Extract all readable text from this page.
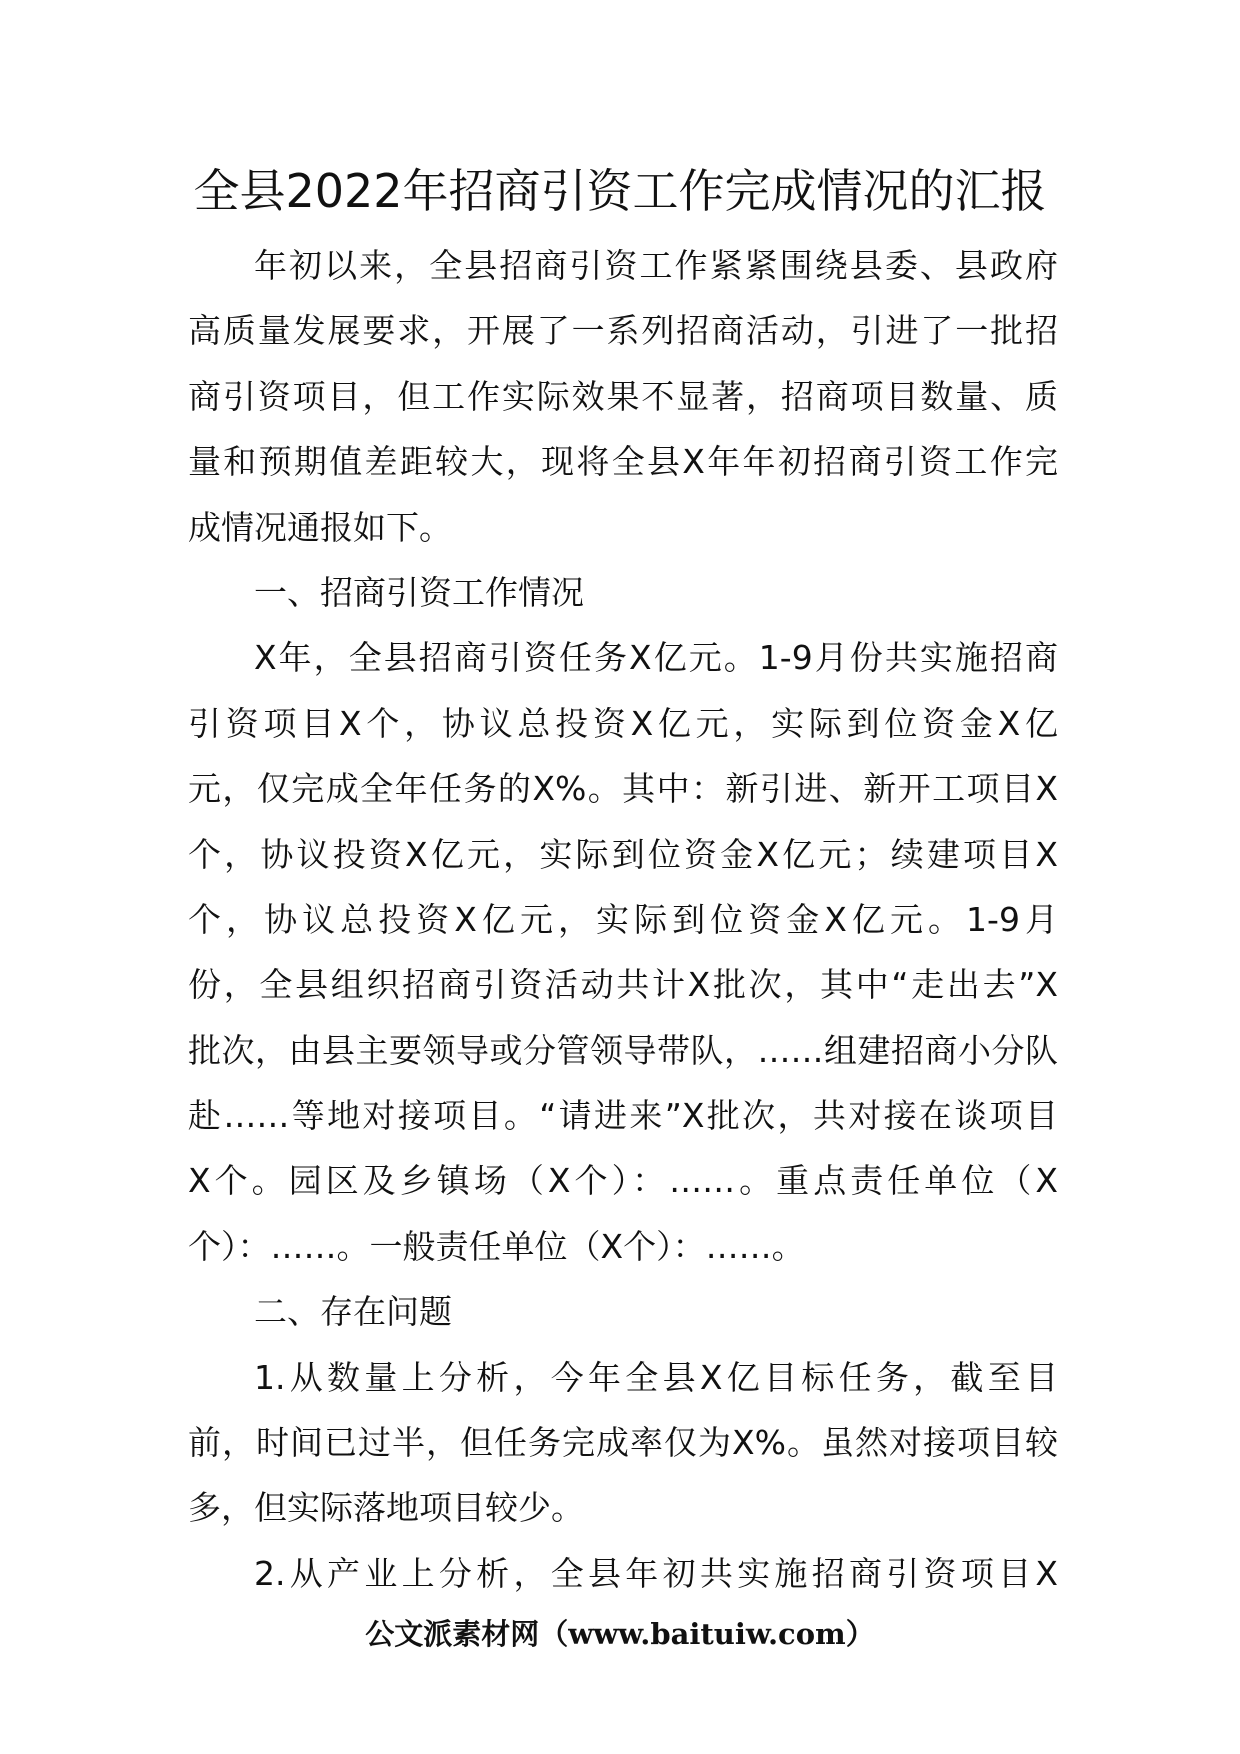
全县2022年招商引资工作完成情况的汇报
年初以来，全县招商引资工作紧紧围绕县委、县政府
高质量发展要求，开展了一系列招商活动，引进了一批招
商引资项目，但工作实际效果不显著，招商项目数量、质
量和预期值差距较大，现将全县X年年初招商引资工作完
成情况通报如下。
一、招商引资工作情况
X年，全县招商引资任务X亿元。1-9月份共实施招商
引资项目X个，协议总投资X亿元，实际到位资金X亿
元，仅完成全年任务的X%。其中：新引进、新开工项目X
个，协议投资X亿元，实际到位资金X亿元；续建项目X
个，协议总投资X亿元，实际到位资金X亿元。1-9月
份，全县组织招商引资活动共计X批次，其中“走出去”X
批次，由县主要领导或分管领导带队，……组建招商小分队
赴……等地对接项目。“请进来”X批次，共对接在谈项目
X个。园区及乡镇场（X个）：……。重点责任单位（X
个）：……。一般责任单位（X个）：……。
二、存在问题
1.从数量上分析，今年全县X亿目标任务，截至目
前，时间已过半，但任务完成率仅为X%。虽然对接项目较
多，但实际落地项目较少。
2.从产业上分析，全县年初共实施招商引资项目X
公文派素材网（www.baituiw.com）
